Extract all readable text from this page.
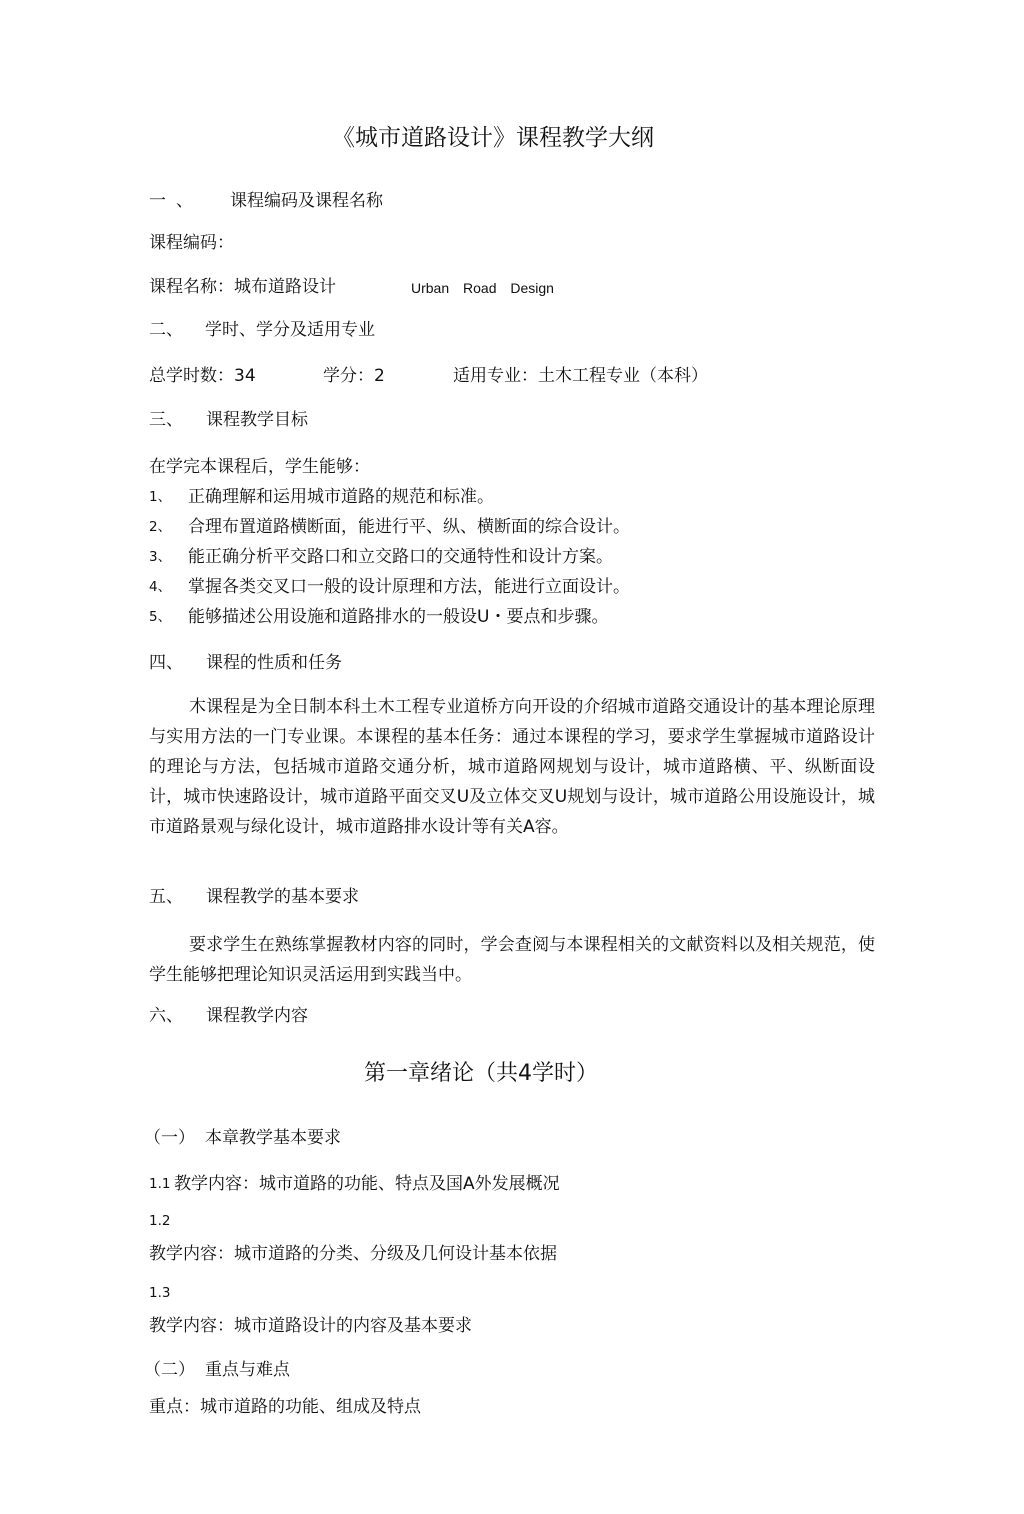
《城市道路设计》课程教学大纲
一、 课程编码及课程名称
课程编码：
课程名称：城布道路设计	Urban Road Design
二、 学时、学分及适用专业
总学时数：34	学分：2	适用专业：土木工程专业（本科）
三、 课程教学目标
在学完本课程后，学生能够：
1、 正确理解和运用城市道路的规范和标准。
2、 合理布置道路横断面，能进行平、纵、横断面的综合设计。
3、 能正确分析平交路口和立交路口的交通特性和设计方案。
4、 掌握各类交叉口一般的设计原理和方法，能进行立面设计。
5、 能够描述公用设施和道路排水的一般设U・要点和步骤。
四、 课程的性质和任务
木课程是为全日制本科土木工程专业道桥方向开设的介绍城市道路交通设计的基本理论原理与实用方法的一门专业课。本课程的基本任务：通过本课程的学习，要求学生掌握城市道路设计的理论与方法，包括城市道路交通分析，城市道路网规划与设计，城市道路横、平、纵断面设计，城市快速路设计，城市道路平面交叉U及立体交叉U规划与设计，城市道路公用设施设计，城市道路景观与绿化设计，城市道路排水设计等有关A容。
五、 课程教学的基本要求
要求学生在熟练掌握教材内容的同时，学会查阅与本课程相关的文献资料以及相关规范，使学生能够把理论知识灵活运用到实践当中。
六、 课程教学内容
第一章绪论（共4学时）
（一） 本章教学基本要求
1.1 教学内容：城市道路的功能、特点及国A外发展概况
1.2
教学内容：城市道路的分类、分级及几何设计基本依据
1.3
教学内容：城市道路设计的内容及基本要求
（二） 重点与难点
重点：城市道路的功能、组成及特点
